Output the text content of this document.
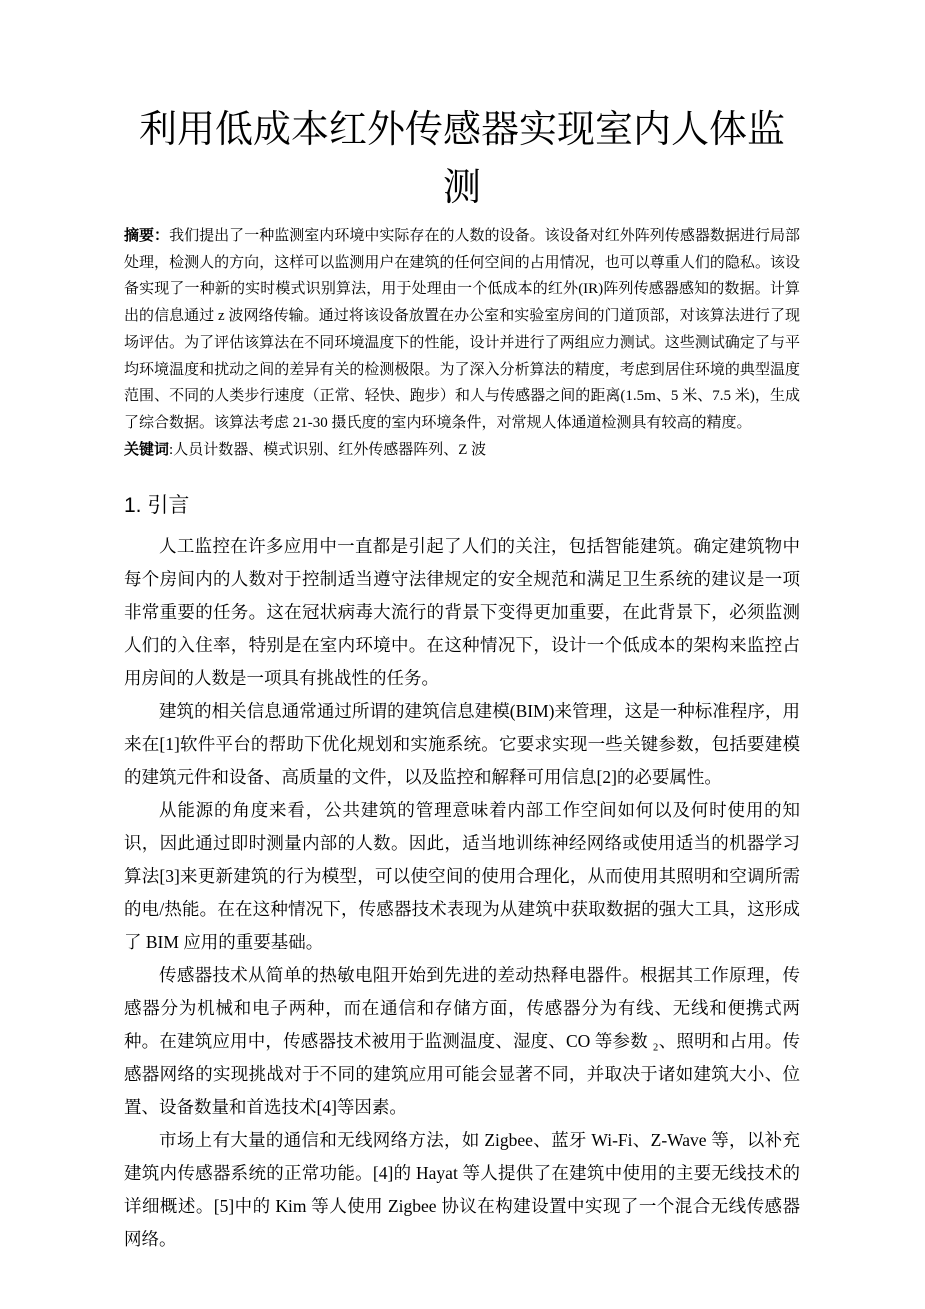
利用低成本红外传感器实现室内人体监测

摘要：我们提出了一种监测室内环境中实际存在的人数的设备。该设备对红外阵列传感器数据进行局部处理，检测人的方向，这样可以监测用户在建筑的任何空间的占用情况，也可以尊重人们的隐私。该设备实现了一种新的实时模式识别算法，用于处理由一个低成本的红外(IR)阵列传感器感知的数据。计算出的信息通过 z 波网络传输。通过将该设备放置在办公室和实验室房间的门道顶部，对该算法进行了现场评估。为了评估该算法在不同环境温度下的性能，设计并进行了两组应力测试。这些测试确定了与平均环境温度和扰动之间的差异有关的检测极限。为了深入分析算法的精度，考虑到居住环境的典型温度范围、不同的人类步行速度（正常、轻快、跑步）和人与传感器之间的距离(1.5m、5 米、7.5 米)，生成了综合数据。该算法考虑 21-30 摄氏度的室内环境条件，对常规人体通道检测具有较高的精度。

关键词:人员计数器、模式识别、红外传感器阵列、Z 波

1. 引言

人工监控在许多应用中一直都是引起了人们的关注，包括智能建筑。确定建筑物中每个房间内的人数对于控制适当遵守法律规定的安全规范和满足卫生系统的建议是一项非常重要的任务。这在冠状病毒大流行的背景下变得更加重要，在此背景下，必须监测人们的入住率，特别是在室内环境中。在这种情况下，设计一个低成本的架构来监控占用房间的人数是一项具有挑战性的任务。

建筑的相关信息通常通过所谓的建筑信息建模(BIM)来管理，这是一种标准程序，用来在[1]软件平台的帮助下优化规划和实施系统。它要求实现一些关键参数，包括要建模的建筑元件和设备、高质量的文件，以及监控和解释可用信息[2]的必要属性。

从能源的角度来看，公共建筑的管理意味着内部工作空间如何以及何时使用的知识，因此通过即时测量内部的人数。因此，适当地训练神经网络或使用适当的机器学习算法[3]来更新建筑的行为模型，可以使空间的使用合理化，从而使用其照明和空调所需的电/热能。在在这种情况下，传感器技术表现为从建筑中获取数据的强大工具，这形成了 BIM 应用的重要基础。

传感器技术从简单的热敏电阻开始到先进的差动热释电器件。根据其工作原理，传感器分为机械和电子两种，而在通信和存储方面，传感器分为有线、无线和便携式两种。在建筑应用中，传感器技术被用于监测温度、湿度、CO 等参数 ₂、照明和占用。传感器网络的实现挑战对于不同的建筑应用可能会显著不同，并取决于诸如建筑大小、位置、设备数量和首选技术[4]等因素。

市场上有大量的通信和无线网络方法，如 Zigbee、蓝牙 Wi-Fi、Z-Wave 等，以补充建筑内传感器系统的正常功能。[4]的 Hayat 等人提供了在建筑中使用的主要无线技术的详细概述。[5]中的 Kim 等人使用 Zigbee 协议在构建设置中实现了一个混合无线传感器网络。
